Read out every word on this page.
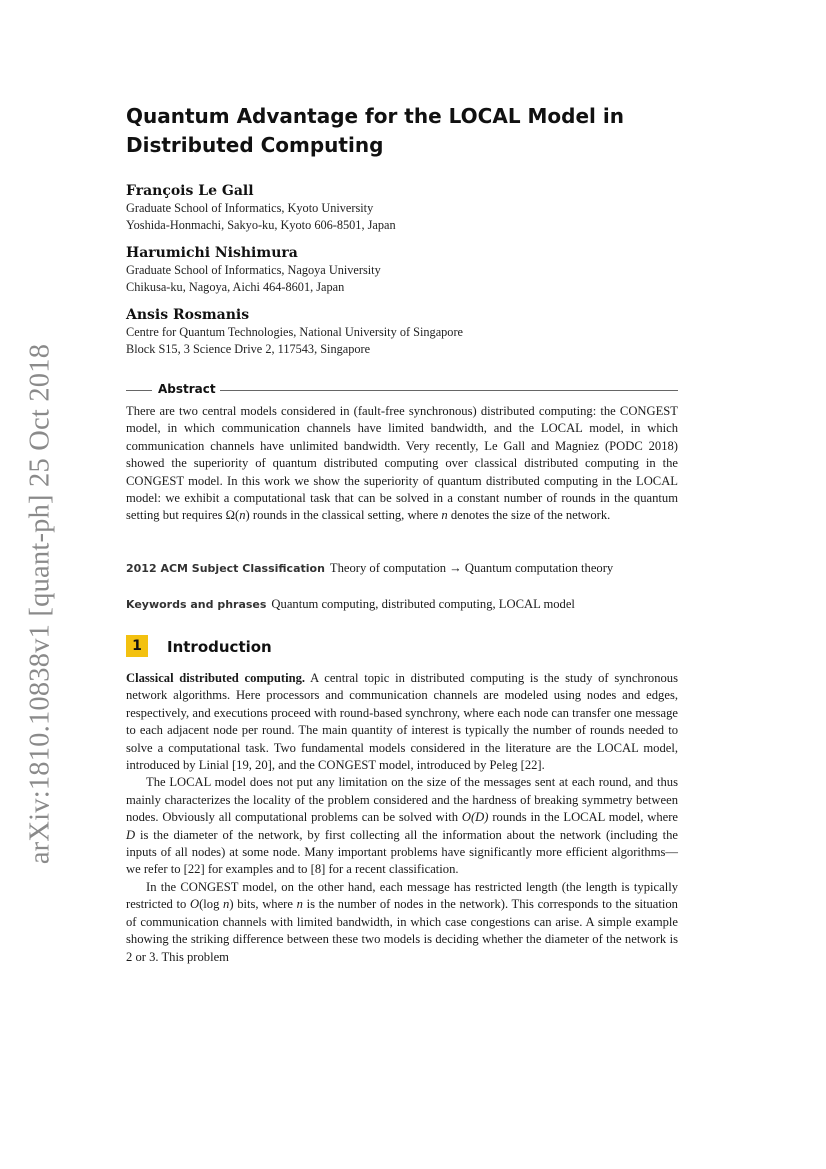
arXiv:1810.10838v1 [quant-ph] 25 Oct 2018
Quantum Advantage for the LOCAL Model in Distributed Computing
François Le Gall
Graduate School of Informatics, Kyoto University
Yoshida-Honmachi, Sakyo-ku, Kyoto 606-8501, Japan
Harumichi Nishimura
Graduate School of Informatics, Nagoya University
Chikusa-ku, Nagoya, Aichi 464-8601, Japan
Ansis Rosmanis
Centre for Quantum Technologies, National University of Singapore
Block S15, 3 Science Drive 2, 117543, Singapore
Abstract
There are two central models considered in (fault-free synchronous) distributed computing: the CONGEST model, in which communication channels have limited bandwidth, and the LOCAL model, in which communication channels have unlimited bandwidth. Very recently, Le Gall and Magniez (PODC 2018) showed the superiority of quantum distributed computing over classical distributed computing in the CONGEST model. In this work we show the superiority of quantum distributed computing in the LOCAL model: we exhibit a computational task that can be solved in a constant number of rounds in the quantum setting but requires Ω(n) rounds in the classical setting, where n denotes the size of the network.
2012 ACM Subject Classification Theory of computation → Quantum computation theory
Keywords and phrases Quantum computing, distributed computing, LOCAL model
1	Introduction

Classical distributed computing. A central topic in distributed computing is the study of synchronous network algorithms. Here processors and communication channels are modeled using nodes and edges, respectively, and executions proceed with round-based synchrony, where each node can transfer one message to each adjacent node per round. The main quantity of interest is typically the number of rounds needed to solve a computational task. Two fundamental models considered in the literature are the LOCAL model, introduced by Linial [19, 20], and the CONGEST model, introduced by Peleg [22].

The LOCAL model does not put any limitation on the size of the messages sent at each round, and thus mainly characterizes the locality of the problem considered and the hardness of breaking symmetry between nodes. Obviously all computational problems can be solved with O(D) rounds in the LOCAL model, where D is the diameter of the network, by first collecting all the information about the network (including the inputs of all nodes) at some node. Many important problems have significantly more efficient algorithms—we refer to [22] for examples and to [8] for a recent classification.

In the CONGEST model, on the other hand, each message has restricted length (the length is typically restricted to O(log n) bits, where n is the number of nodes in the network). This corresponds to the situation of communication channels with limited bandwidth, in which case congestions can arise. A simple example showing the striking difference between these two models is deciding whether the diameter of the network is 2 or 3. This problem
